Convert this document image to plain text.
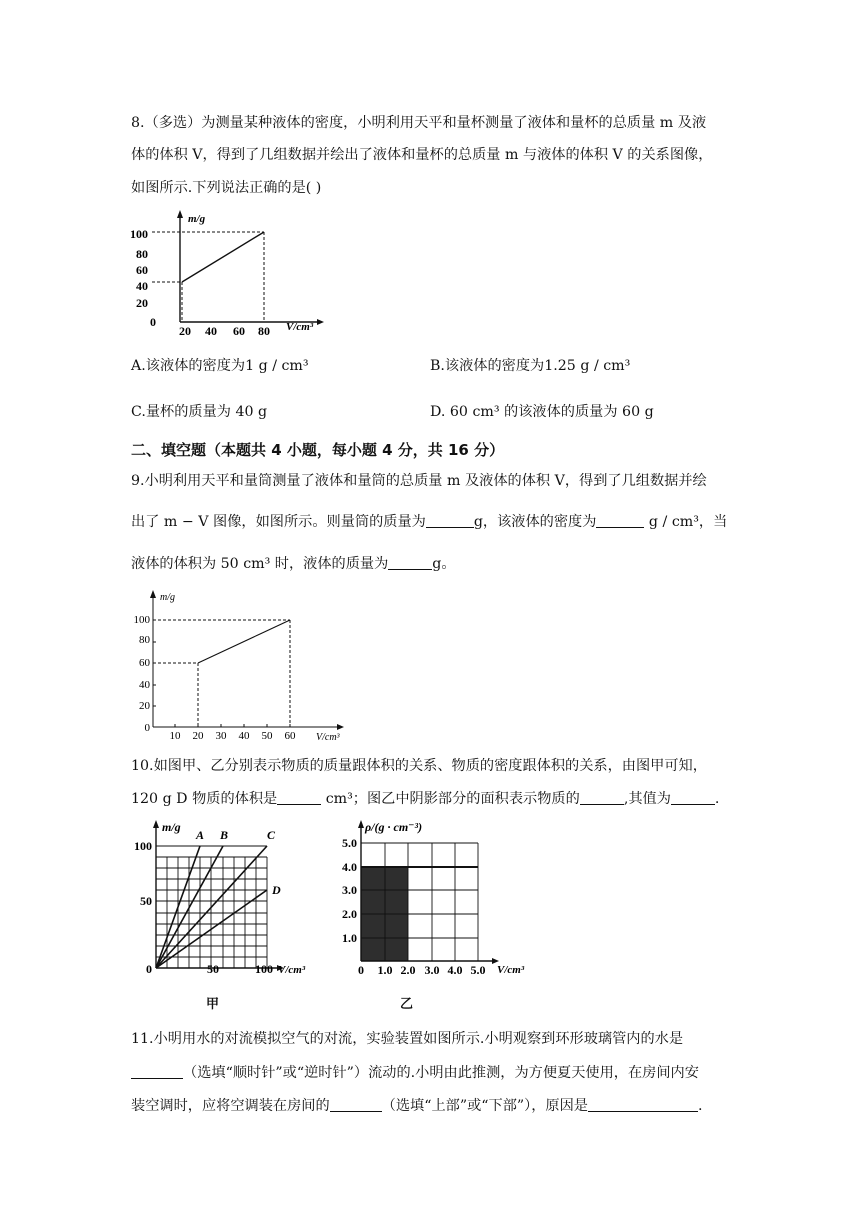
8.（多选）为测量某种液体的密度，小明利用天平和量杯测量了液体和量杯的总质量 m 及液
体的体积 V，得到了几组数据并绘出了液体和量杯的总质量 m 与液体的体积 V 的关系图像，
如图所示.下列说法正确的是( )
m/g
V/cm³
0
20
40
60
80
100
20 40 60 80
A.该液体的密度为1 g / cm³	B.该液体的密度为1.25 g / cm³
C.量杯的质量为 40 g	D. 60 cm³ 的该液体的质量为 60 g
二、填空题（本题共 4 小题，每小题 4 分，共 16 分）
9.小明利用天平和量筒测量了液体和量筒的总质量 m 及液体的体积 V，得到了几组数据并绘
出了 m − V 图像，如图所示。则量筒的质量为	g，该液体的密度为	g / cm³，当
液体的体积为 50 cm³ 时，液体的质量为	g。
m/g
V/cm³
0
20
40
60
80
100
10 20 30 40 50 60
10.如图甲、乙分别表示物质的质量跟体积的关系、物质的密度跟体积的关系，由图甲可知，
120 g D 物质的体积是	cm³；图乙中阴影部分的面积表示物质的	,其值为	.
m/g
V/cm³
0
50
100
50	100
A B	C
D
甲
ρ/(g · cm⁻³)
V/cm³
1.0
2.0
3.0
4.0
5.0
0 1.0 2.0 3.0 4.0 5.0
乙
11.小明用水的对流模拟空气的对流，实验装置如图所示.小明观察到环形玻璃管内的水是
（选填“顺时针”或“逆时针”）流动的.小明由此推测，为方便夏天使用，在房间内安
装空调时，应将空调装在房间的	（选填“上部”或“下部”），原因是	.
